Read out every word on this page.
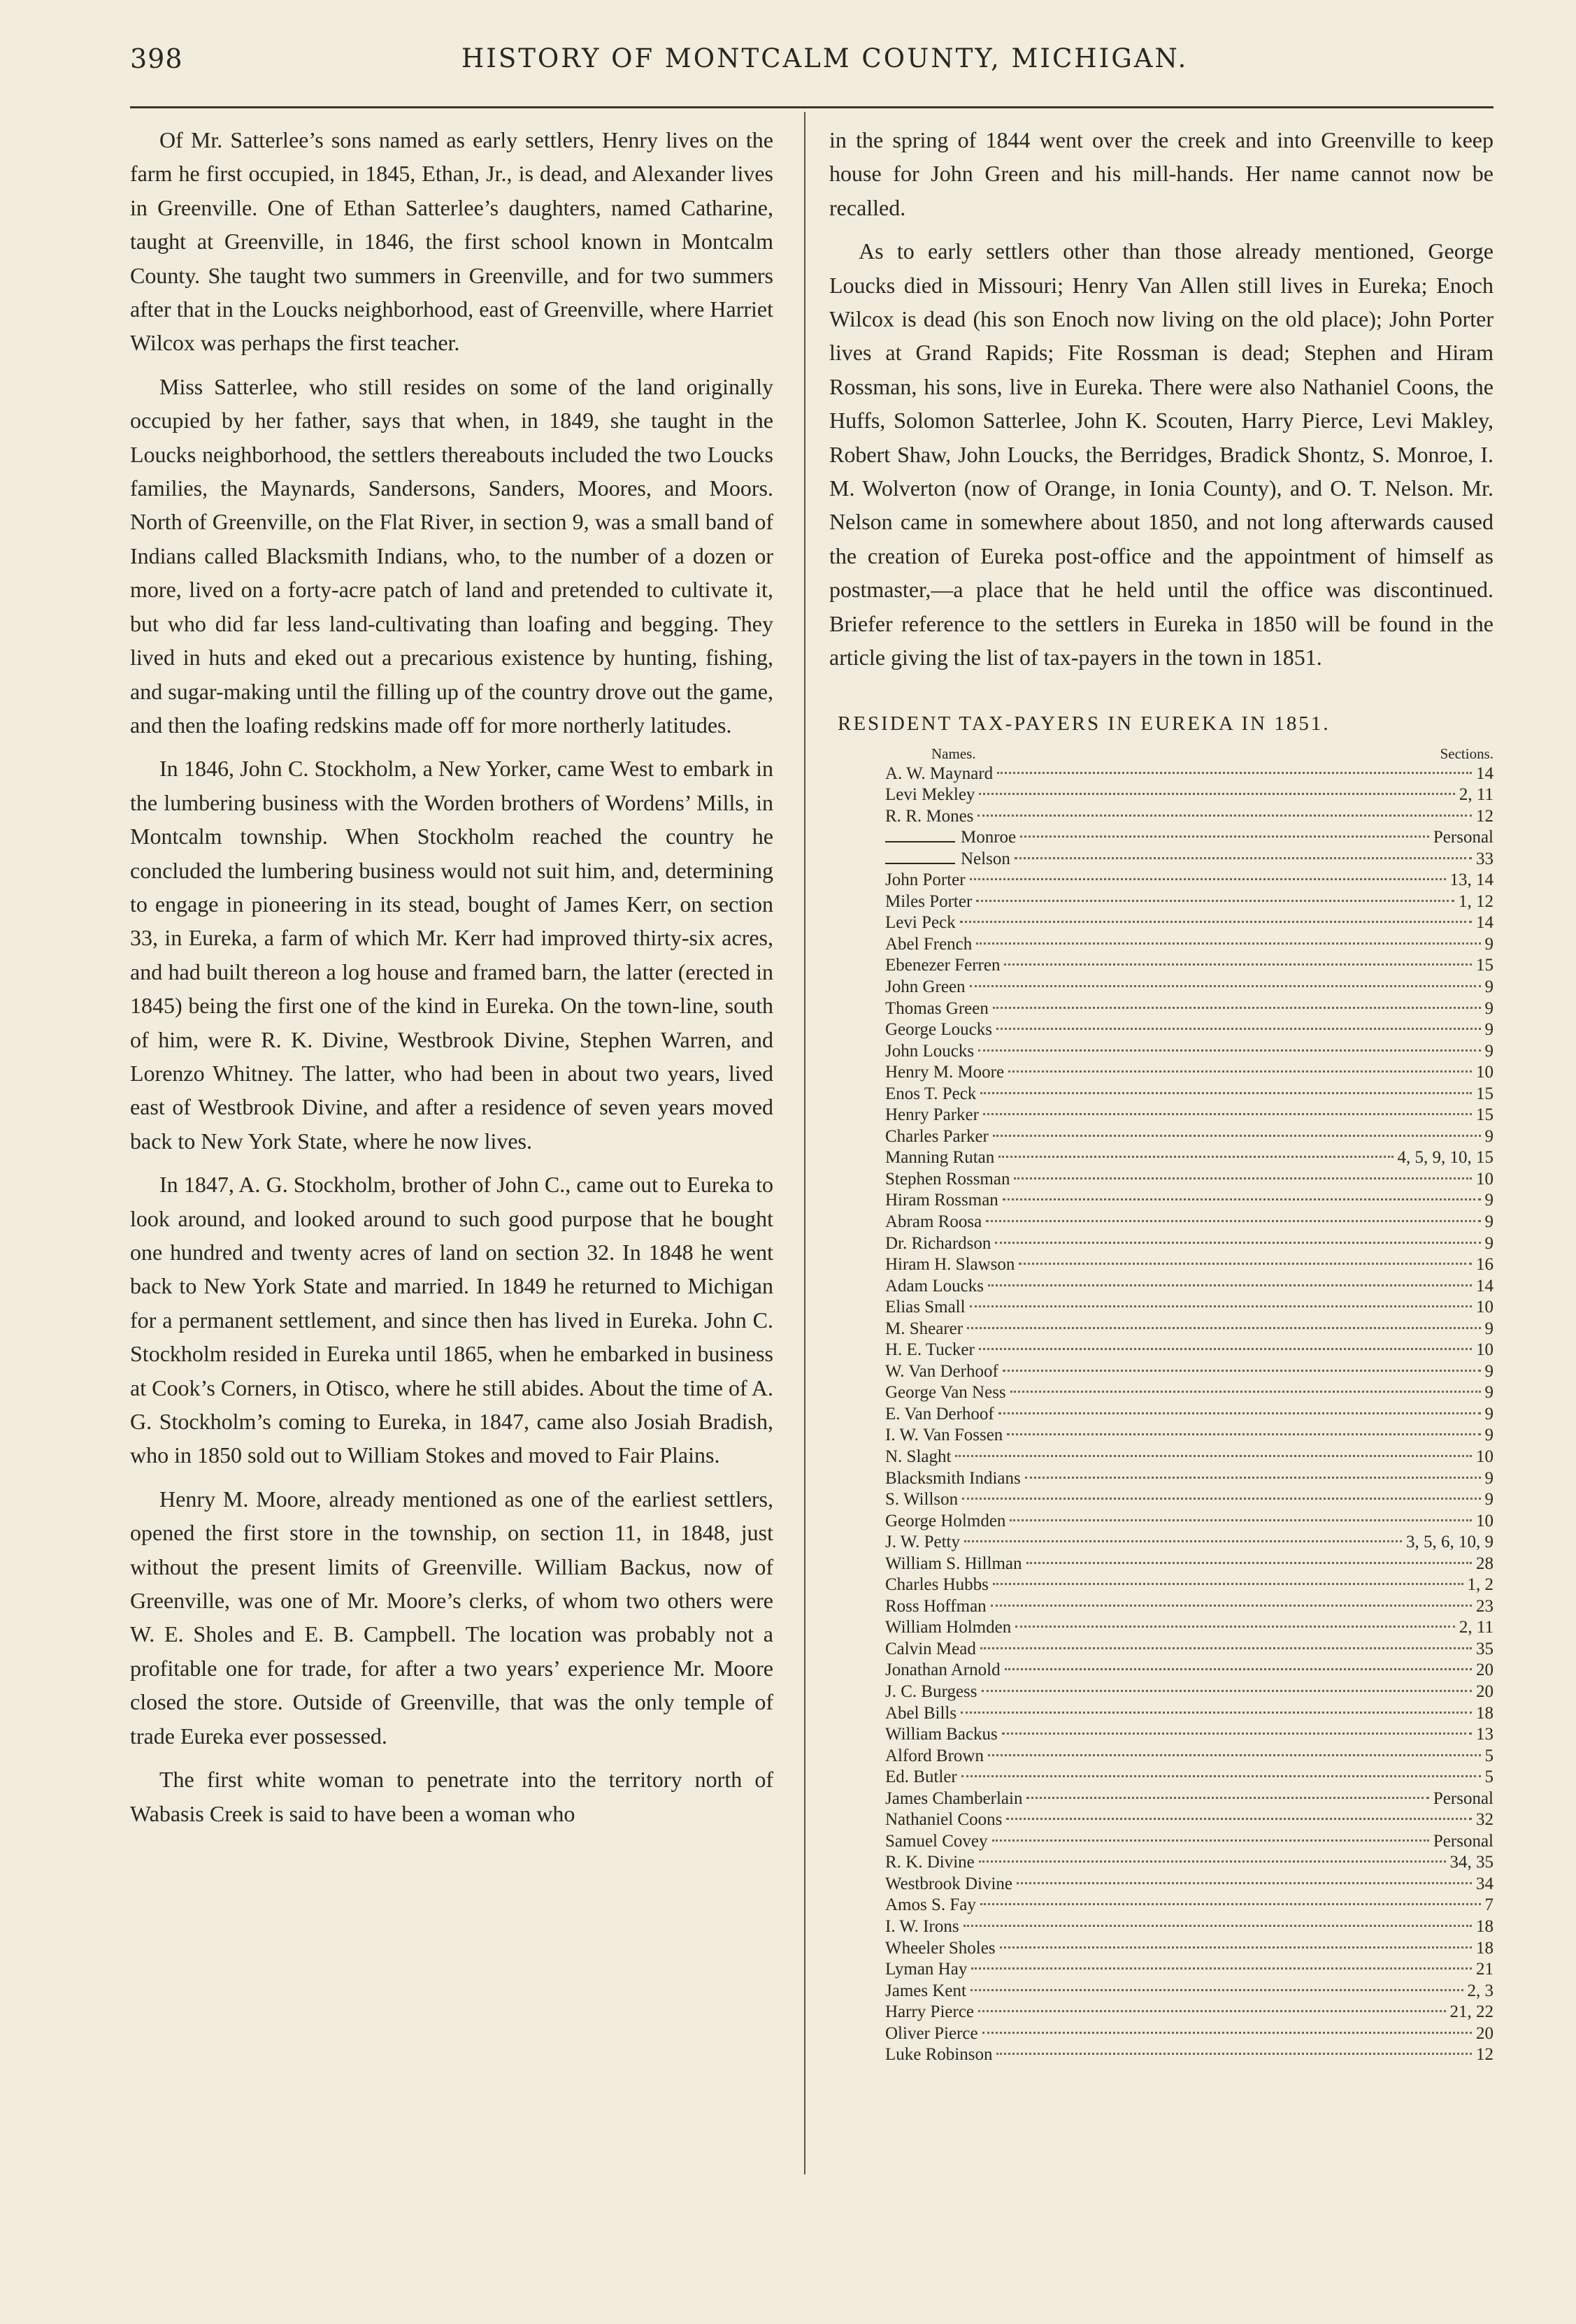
398	HISTORY OF MONTCALM COUNTY, MICHIGAN.

Of Mr. Satterlee’s sons named as early settlers, Henry lives on the farm he first occupied, in 1845, Ethan, Jr., is dead, and Alexander lives in Greenville. One of Ethan Satterlee’s daughters, named Catharine, taught at Greenville, in 1846, the first school known in Montcalm County. She taught two summers in Greenville, and for two summers after that in the Loucks neighborhood, east of Greenville, where Harriet Wilcox was perhaps the first teacher.

Miss Satterlee, who still resides on some of the land originally occupied by her father, says that when, in 1849, she taught in the Loucks neighborhood, the settlers thereabouts included the two Loucks families, the Maynards, Sandersons, Sanders, Moores, and Moors. North of Greenville, on the Flat River, in section 9, was a small band of Indians called Blacksmith Indians, who, to the number of a dozen or more, lived on a forty-acre patch of land and pretended to cultivate it, but who did far less land-cultivating than loafing and begging. They lived in huts and eked out a precarious existence by hunting, fishing, and sugar-making until the filling up of the country drove out the game, and then the loafing redskins made off for more northerly latitudes.

In 1846, John C. Stockholm, a New Yorker, came West to embark in the lumbering business with the Worden brothers of Wordens’ Mills, in Montcalm township. When Stockholm reached the country he concluded the lumbering business would not suit him, and, determining to engage in pioneering in its stead, bought of James Kerr, on section 33, in Eureka, a farm of which Mr. Kerr had improved thirty-six acres, and had built thereon a log house and framed barn, the latter (erected in 1845) being the first one of the kind in Eureka. On the town-line, south of him, were R. K. Divine, Westbrook Divine, Stephen Warren, and Lorenzo Whitney. The latter, who had been in about two years, lived east of Westbrook Divine, and after a residence of seven years moved back to New York State, where he now lives.

In 1847, A. G. Stockholm, brother of John C., came out to Eureka to look around, and looked around to such good purpose that he bought one hundred and twenty acres of land on section 32. In 1848 he went back to New York State and married. In 1849 he returned to Michigan for a permanent settlement, and since then has lived in Eureka. John C. Stockholm resided in Eureka until 1865, when he embarked in business at Cook’s Corners, in Otisco, where he still abides. About the time of A. G. Stockholm’s coming to Eureka, in 1847, came also Josiah Bradish, who in 1850 sold out to William Stokes and moved to Fair Plains.

Henry M. Moore, already mentioned as one of the earliest settlers, opened the first store in the township, on section 11, in 1848, just without the present limits of Greenville. William Backus, now of Greenville, was one of Mr. Moore’s clerks, of whom two others were W. E. Sholes and E. B. Campbell. The location was probably not a profitable one for trade, for after a two years’ experience Mr. Moore closed the store. Outside of Greenville, that was the only temple of trade Eureka ever possessed.

The first white woman to penetrate into the territory north of Wabasis Creek is said to have been a woman who

in the spring of 1844 went over the creek and into Greenville to keep house for John Green and his mill-hands. Her name cannot now be recalled.

As to early settlers other than those already mentioned, George Loucks died in Missouri; Henry Van Allen still lives in Eureka; Enoch Wilcox is dead (his son Enoch now living on the old place); John Porter lives at Grand Rapids; Fite Rossman is dead; Stephen and Hiram Rossman, his sons, live in Eureka. There were also Nathaniel Coons, the Huffs, Solomon Satterlee, John K. Scouten, Harry Pierce, Levi Makley, Robert Shaw, John Loucks, the Berridges, Bradick Shontz, S. Monroe, I. M. Wolverton (now of Orange, in Ionia County), and O. T. Nelson. Mr. Nelson came in somewhere about 1850, and not long afterwards caused the creation of Eureka post-office and the appointment of himself as postmaster,—a place that he held until the office was discontinued. Briefer reference to the settlers in Eureka in 1850 will be found in the article giving the list of tax-payers in the town in 1851.

RESIDENT TAX-PAYERS IN EUREKA IN 1851.
Names.	Sections.
A. W. Maynard	14
Levi Mekley	2, 11
R. R. Mones	12
Monroe	Personal
Nelson	33
John Porter	13, 14
Miles Porter	1, 12
Levi Peck	14
Abel French	9
Ebenezer Ferren	15
John Green	9
Thomas Green	9
George Loucks	9
John Loucks	9
Henry M. Moore	10
Enos T. Peck	15
Henry Parker	15
Charles Parker	9
Manning Rutan	4, 5, 9, 10, 15
Stephen Rossman	10
Hiram Rossman	9
Abram Roosa	9
Dr. Richardson	9
Hiram H. Slawson	16
Adam Loucks	14
Elias Small	10
M. Shearer	9
H. E. Tucker	10
W. Van Derhoof	9
George Van Ness	9
E. Van Derhoof	9
I. W. Van Fossen	9
N. Slaght	10
Blacksmith Indians	9
S. Willson	9
George Holmden	10
J. W. Petty	3, 5, 6, 10, 9
William S. Hillman	28
Charles Hubbs	1, 2
Ross Hoffman	23
William Holmden	2, 11
Calvin Mead	35
Jonathan Arnold	20
J. C. Burgess	20
Abel Bills	18
William Backus	13
Alford Brown	5
Ed. Butler	5
James Chamberlain	Personal
Nathaniel Coons	32
Samuel Covey	Personal
R. K. Divine	34, 35
Westbrook Divine	34
Amos S. Fay	7
I. W. Irons	18
Wheeler Sholes	18
Lyman Hay	21
James Kent	2, 3
Harry Pierce	21, 22
Oliver Pierce	20
Luke Robinson	12
